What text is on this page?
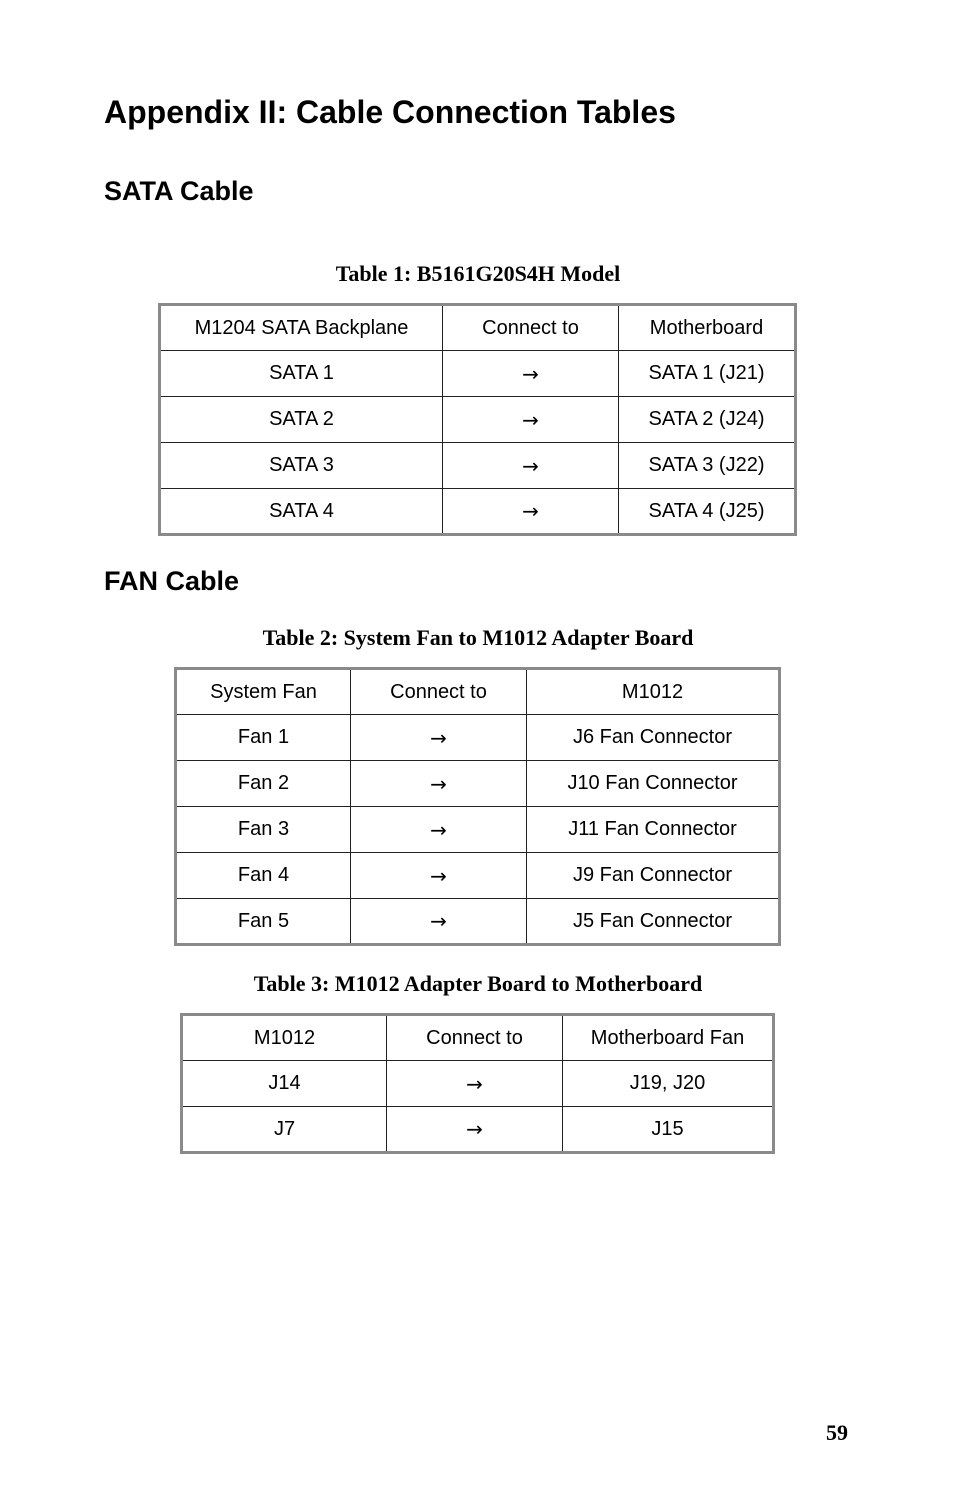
Appendix II: Cable Connection Tables
SATA Cable
Table 1: B5161G20S4H Model
M1204 SATA Backplane	Connect to	Motherboard
SATA 1	→	SATA 1 (J21)
SATA 2	→	SATA 2 (J24)
SATA 3	→	SATA 3 (J22)
SATA 4	→	SATA 4 (J25)
FAN Cable
Table 2: System Fan to M1012 Adapter Board
System Fan	Connect to	M1012
Fan 1	→	J6 Fan Connector
Fan 2	→	J10 Fan Connector
Fan 3	→	J11 Fan Connector
Fan 4	→	J9 Fan Connector
Fan 5	→	J5 Fan Connector
Table 3: M1012 Adapter Board to Motherboard
M1012	Connect to	Motherboard Fan
J14	→	J19, J20
J7	→	J15
59
